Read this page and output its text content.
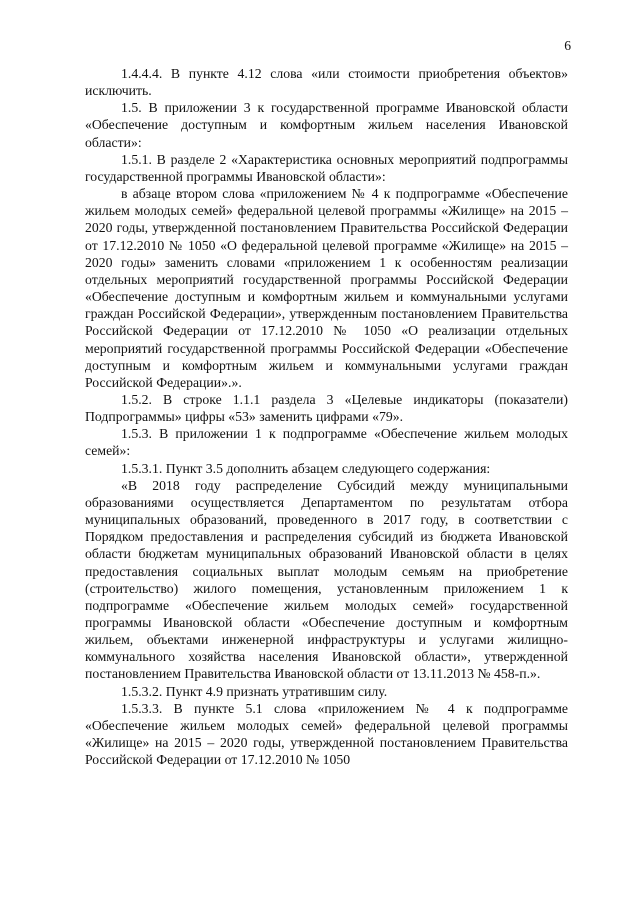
6

1.4.4.4. В пункте 4.12 слова «или стоимости приобретения объектов» исключить.

1.5. В приложении 3 к государственной программе Ивановской области «Обеспечение доступным и комфортным жильем населения Ивановской области»:

1.5.1. В разделе 2 «Характеристика основных мероприятий подпрограммы государственной программы Ивановской области»:

в абзаце втором слова «приложением № 4 к подпрограмме «Обеспечение жильем молодых семей» федеральной целевой программы «Жилище» на 2015 – 2020 годы, утвержденной постановлением Правительства Российской Федерации от 17.12.2010 № 1050 «О федеральной целевой программе «Жилище» на 2015 – 2020 годы» заменить словами «приложением 1 к особенностям реализации отдельных мероприятий государственной программы Российской Федерации «Обеспечение доступным и комфортным жильем и коммунальными услугами граждан Российской Федерации», утвержденным постановлением Правительства Российской Федерации от 17.12.2010 № 1050 «О реализации отдельных мероприятий государственной программы Российской Федерации «Обеспечение доступным и комфортным жильем и коммунальными услугами граждан Российской Федерации».».

1.5.2. В строке 1.1.1 раздела 3 «Целевые индикаторы (показатели) Подпрограммы» цифры «53» заменить цифрами «79».

1.5.3. В приложении 1 к подпрограмме «Обеспечение жильем молодых семей»:

1.5.3.1. Пункт 3.5 дополнить абзацем следующего содержания:

«В 2018 году распределение Субсидий между муниципальными образованиями осуществляется Департаментом по результатам отбора муниципальных образований, проведенного в 2017 году, в соответствии с Порядком предоставления и распределения субсидий из бюджета Ивановской области бюджетам муниципальных образований Ивановской области в целях предоставления социальных выплат молодым семьям на приобретение (строительство) жилого помещения, установленным приложением 1 к подпрограмме «Обеспечение жильем молодых семей» государственной программы Ивановской области «Обеспечение доступным и комфортным жильем, объектами инженерной инфраструктуры и услугами жилищно-коммунального хозяйства населения Ивановской области», утвержденной постановлением Правительства Ивановской области от 13.11.2013 № 458-п.».

1.5.3.2. Пункт 4.9 признать утратившим силу.

1.5.3.3. В пункте 5.1 слова «приложением № 4 к подпрограмме «Обеспечение жильем молодых семей» федеральной целевой программы «Жилище» на 2015 – 2020 годы, утвержденной постановлением Правительства Российской Федерации от 17.12.2010 № 1050
